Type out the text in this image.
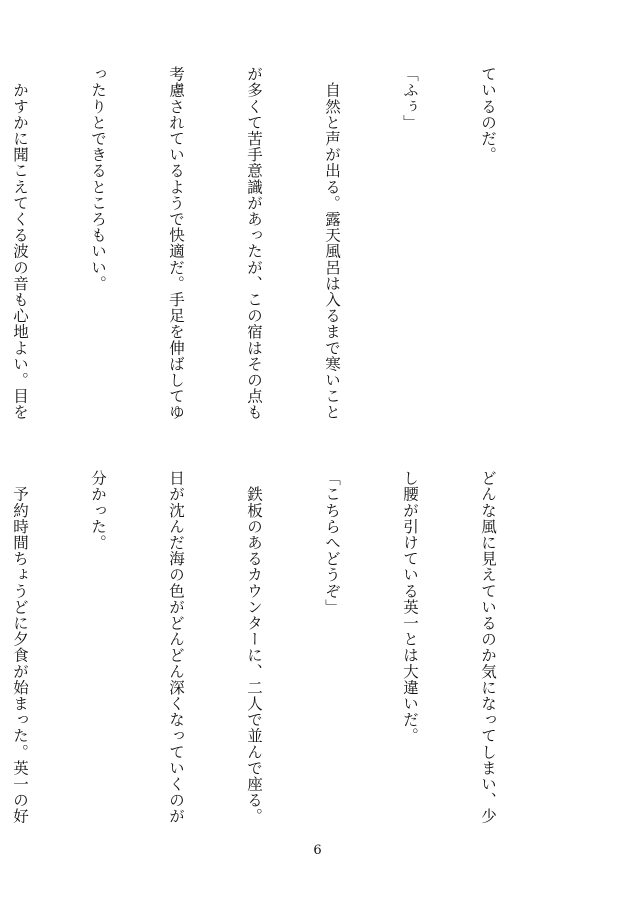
ているのだ。

「ふぅ」

　自然と声が出る。露天風呂は入るまで寒いこと

が多くて苦手意識があったが、この宿はその点も

考慮されているようで快適だ。手足を伸ばしてゆ

ったりとできるところもいい。

　かすかに聞こえてくる波の音も心地よい。目を

どんな風に見えているのか気になってしまい、少

し腰が引けている英一とは大違いだ。

「こちらへどうぞ」

　鉄板のあるカウンターに、二人で並んで座る。

日が沈んだ海の色がどんどん深くなっていくのが

分かった。

　予約時間ちょうどに夕食が始まった。英一の好

6
